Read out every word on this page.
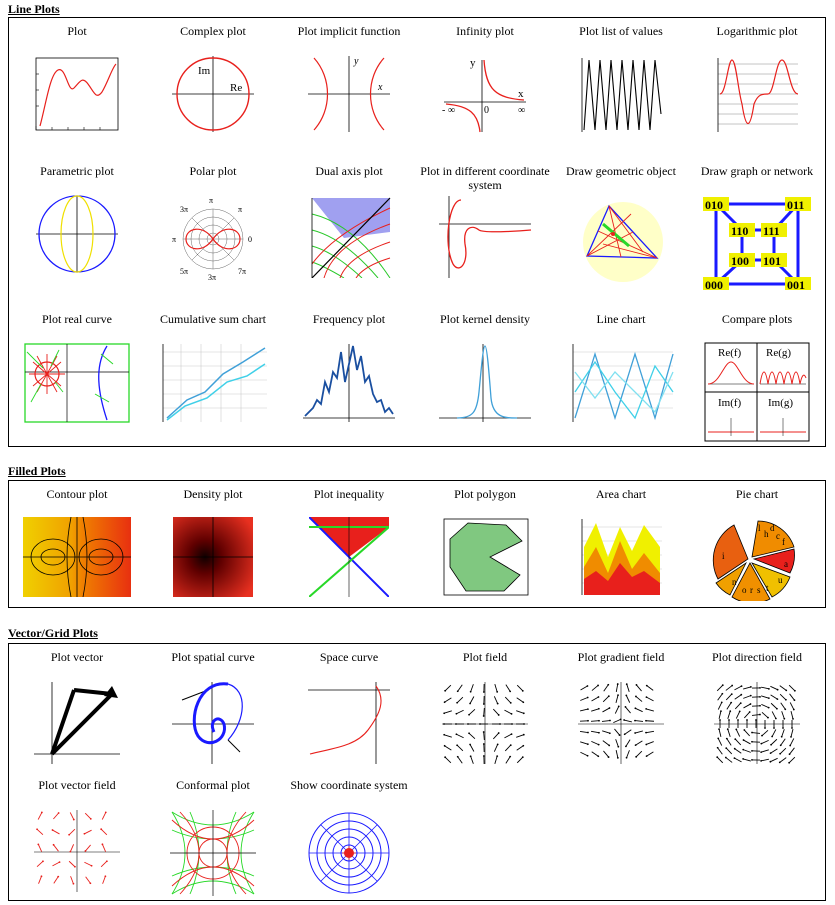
Line Plots
Filled Plots
Vector/Grid Plots
Plot	Complex plot
Im
Re
Plot implicit function
y
x
Infinity plot
y
x
0
- ∞	∞
Plot list of values	Logarithmic plot
Parametric plot	Polar plot
π
3π	π
π	0
5π
3π
7π
Dual axis plot	Plot in different coordinate system
Draw geometric object	Draw graph or network
010	011
110 111
100 101
000	001
Plot real curve	Cumulative sum chart	Frequency plot	Plot kernel density	Line chart	Compare plots
Re(f) Re(g)
Im(f) Im(g)
Contour plot	Density plot	Plot inequality	Plot polygon	Area chart	Pie chart
i
a
u
t
n
o r s
l
h
d
c
f
Plot vector	Plot spatial curve	Space curve	Plot field	Plot gradient field	Plot direction field
Plot vector field	Conformal plot	Show coordinate system
